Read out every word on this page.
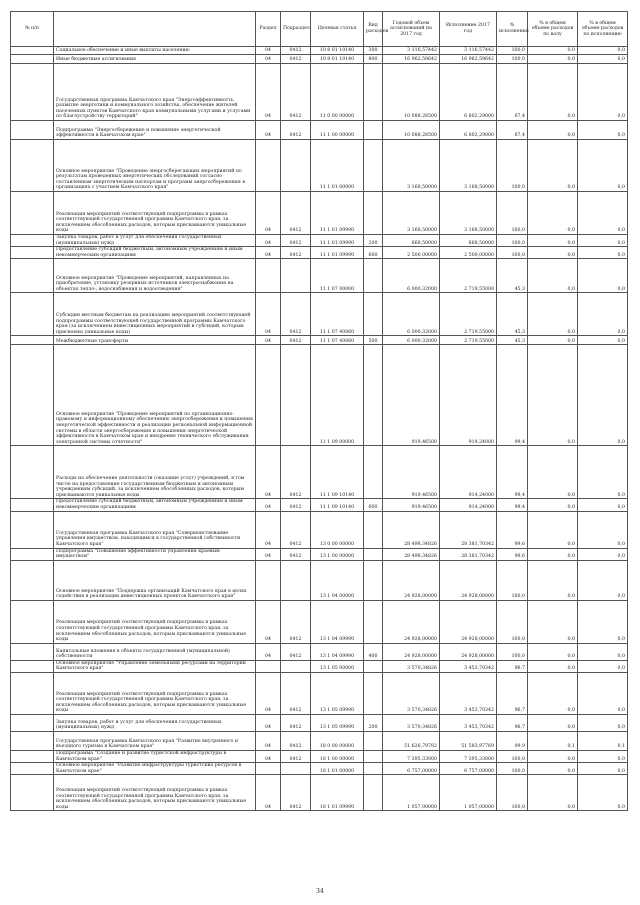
№ п/п		Раздел	Подраздел	Целевая статья	Вид расходов	Годовой объем ассигнований на 2017 год	Исполнение 2017 год	% исполнения	% в общем объеме расходов по валу	% в общем объеме расходов по исполнению
	Социальное обеспечение и иные выплаты населению	04	0412	10 8 01 10140	300	3 116,57442	3 116,57442	100,0	0,0	0,0
	Иные бюджетные ассигнования	04	0412	10 8 01 10140	800	16 962,59642	16 962,59642	100,0	0,0	0,0
	Государственная программа Камчатского края "Энергоэффективность, развитие энергетики и коммунального хозяйства, обеспечение жителей населенных пунктов Камчатского края коммунальными услугами и услугами по благоустройству территорий"	04	0412	11 0 00 00000		10 088,28500	6 802,29000	67,4	0,0	0,0
	Подпрограмма "Энергосбережение и повышение энергетической эффективности в Камчатском крае"	04	0412	11 1 00 00000		10 088,28500	6 802,29000	67,4	0,0	0,0
	Основное мероприятие "Проведение энергосберегающих мероприятий по результатам проведенных энергетических обследований согласно составленным энергетическим паспортам и программ энергосбережения в организациях с участием Камчатского края"			11 1 01 00000		3 168,50000	3 168,50000	100,0	0,0	0,0
	Реализация мероприятий соответствующей подпрограммы в рамках соответствующей государственной программы Камчатского края, за исключением обособленных расходов, которым присваиваются уникальные коды	04	0412	11 1 01 09990		3 168,50000	3 168,50000	100,0	0,0	0,0
	Закупка товаров, работ и услуг для обеспечения государственных (муниципальных) нужд	04	0412	11 1 01 09990	200	668,50000	668,50000	100,0	0,0	0,0
	Предоставление субсидий бюджетным, автономным учреждениям и иным некоммерческим организациям	04	0412	11 1 01 09990	600	2 500,00000	2 500,00000	100,0	0,0	0,0
	Основное мероприятие "Проведение мероприятий, направленных на приобретение, установку резервных источников электроснабжения на объектах тепло-, водоснабжения и водоотведения"			11 1 07 00000		6 000,32000	2 719,55000	45,3	0,0	0,0
	Субсидии местным бюджетам на реализацию мероприятий соответствующей подпрограммы соответствующей государственной программы Камчатского края (за исключением инвестиционных мероприятий и субсидий, которым присвоены уникальные коды)	04	0412	11 1 07 40060		6 000,32000	2 719,55000	45,3	0,0	0,0
	Межбюджетные трансферты	04	0412	11 1 07 40060	500	6 000,32000	2 719,55000	45,3	0,0	0,0
	Основное мероприятие "Проведение мероприятий по организационно-правовому и информационному обеспечению энергосбережения и повышения энергетической эффективности и реализации региональной информационной системы в области энергосбережения и повышения энергетической эффективности в Камчатском крае и внедрение технического обслуживания электронной системы отчетности"			11 1 09 00000		919,46500	914,24000	99,4	0,0	0,0
	Расходы на обеспечение деятельности (оказание услуг) учреждений, в том числе на предоставление государственным бюджетным и автономным учреждениям субсидий, за исключением обособленных расходов, которым присваиваются уникальные коды	04	0412	11 1 09 10140		919,46500	914,24000	99,4	0,0	0,0
	Предоставление субсидий бюджетным, автономным учреждениям и иным некоммерческим организациям	04	0412	11 1 09 10140	600	919,46500	914,24000	99,4	0,0	0,0
	Государственная программа Камчатского края "Совершенствование управления имуществом, находящимся в государственной собственности Камчатского края"	04	0412	13 0 00 00000		28 498,34826	28 381,70342	99,6	0,0	0,0
	Подпрограмма "Повышение эффективности управления краевым имуществом"	04	0412	13 1 00 00000		28 498,34826	28 381,70342	99,6	0,0	0,0
	Основное мероприятие "Поддержка организаций Камчатского края в целях содействия в реализации инвестиционных проектов Камчатского края"			13 1 04 00000		24 928,00000	24 928,00000	100,0	0,0	0,0
	Реализация мероприятий соответствующей подпрограммы в рамках соответствующей государственной программы Камчатского края, за исключением обособленных расходов, которым присваиваются уникальные коды	04	0412	13 1 04 09990		24 928,00000	24 928,00000	100,0	0,0	0,0
	Капитальные вложения в объекты государственной (муниципальной) собственности	04	0412	13 1 04 09990	400	24 928,00000	24 928,00000	100,0	0,0	0,0
	Основное мероприятие "Управление земельными ресурсами на территории Камчатского края"			13 1 05 00000		3 570,34826	3 453,70342	96,7	0,0	0,0
	Реализация мероприятий соответствующей подпрограммы в рамках соответствующей государственной программы Камчатского края, за исключением обособленных расходов, которым присваиваются уникальные коды	04	0412	13 1 05 09990		3 570,34826	3 453,70342	96,7	0,0	0,0
	Закупка товаров, работ и услуг для обеспечения государственных (муниципальных) нужд	04	0412	13 1 05 09990	200	3 570,34826	3 453,70342	96,7	0,0	0,0
	Государственная программа Камчатского края "Развитие внутреннего и въездного туризма в Камчатском крае"	04	0412	18 0 00 00000		51 626,79782	51 583,97769	99,9	0,1	0,1
	Подпрограмма "Создание и развитие туристской инфраструктуры в Камчатском крае"	04	0412	18 1 00 00000		7 395,33000	7 395,33000	100,0	0,0	0,0
	Основное мероприятие "Развитие инфраструктуры туристских ресурсов в Камчатском крае"			18 1 01 00000		6 757,00000	6 757,00000	100,0	0,0	0,0
	Реализация мероприятий соответствующей подпрограммы в рамках соответствующей государственной программы Камчатского края, за исключением обособленных расходов, которым присваиваются уникальные коды	04	0412	18 1 01 09990		1 057,00000	1 057,00000	100,0	0,0	0,0
34
